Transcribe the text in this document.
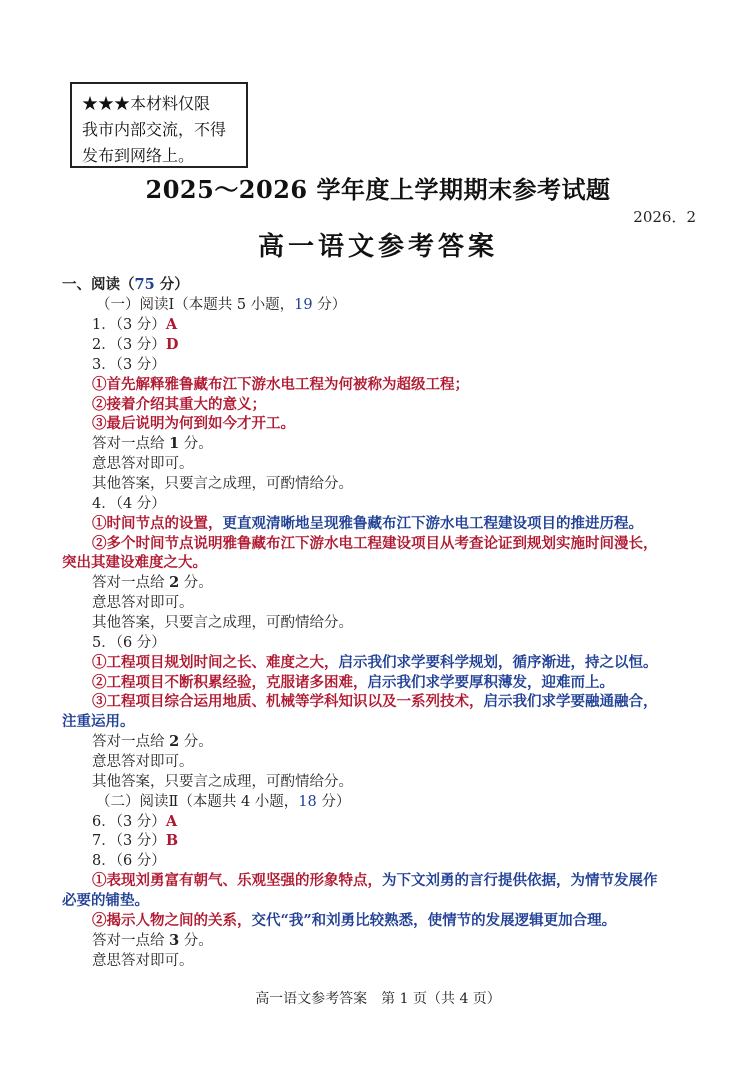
★★★本材料仅限
我市内部交流，不得
发布到网络上。
2025～2026 学年度上学期期末参考试题
2026．2
高一语文参考答案
一、阅读（75 分）
（一）阅读Ⅰ（本题共 5 小题，19 分）
1．（3 分）A
2．（3 分）D
3．（3 分）
①首先解释雅鲁藏布江下游水电工程为何被称为超级工程；
②接着介绍其重大的意义；
③最后说明为何到如今才开工。
答对一点给 1 分。
意思答对即可。
其他答案，只要言之成理，可酌情给分。
4．（4 分）
①时间节点的设置，更直观清晰地呈现雅鲁藏布江下游水电工程建设项目的推进历程。
②多个时间节点说明雅鲁藏布江下游水电工程建设项目从考查论证到规划实施时间漫长，
突出其建设难度之大。
答对一点给 2 分。
意思答对即可。
其他答案，只要言之成理，可酌情给分。
5．（6 分）
①工程项目规划时间之长、难度之大，启示我们求学要科学规划，循序渐进，持之以恒。
②工程项目不断积累经验，克服诸多困难，启示我们求学要厚积薄发，迎难而上。
③工程项目综合运用地质、机械等学科知识以及一系列技术，启示我们求学要融通融合，
注重运用。
答对一点给 2 分。
意思答对即可。
其他答案，只要言之成理，可酌情给分。
（二）阅读Ⅱ（本题共 4 小题，18 分）
6．（3 分）A
7．（3 分）B
8．（6 分）
①表现刘勇富有朝气、乐观坚强的形象特点，为下文刘勇的言行提供依据，为情节发展作
必要的铺垫。
②揭示人物之间的关系，交代“我”和刘勇比较熟悉，使情节的发展逻辑更加合理。
答对一点给 3 分。
意思答对即可。
高一语文参考答案　第 1 页（共 4 页）
